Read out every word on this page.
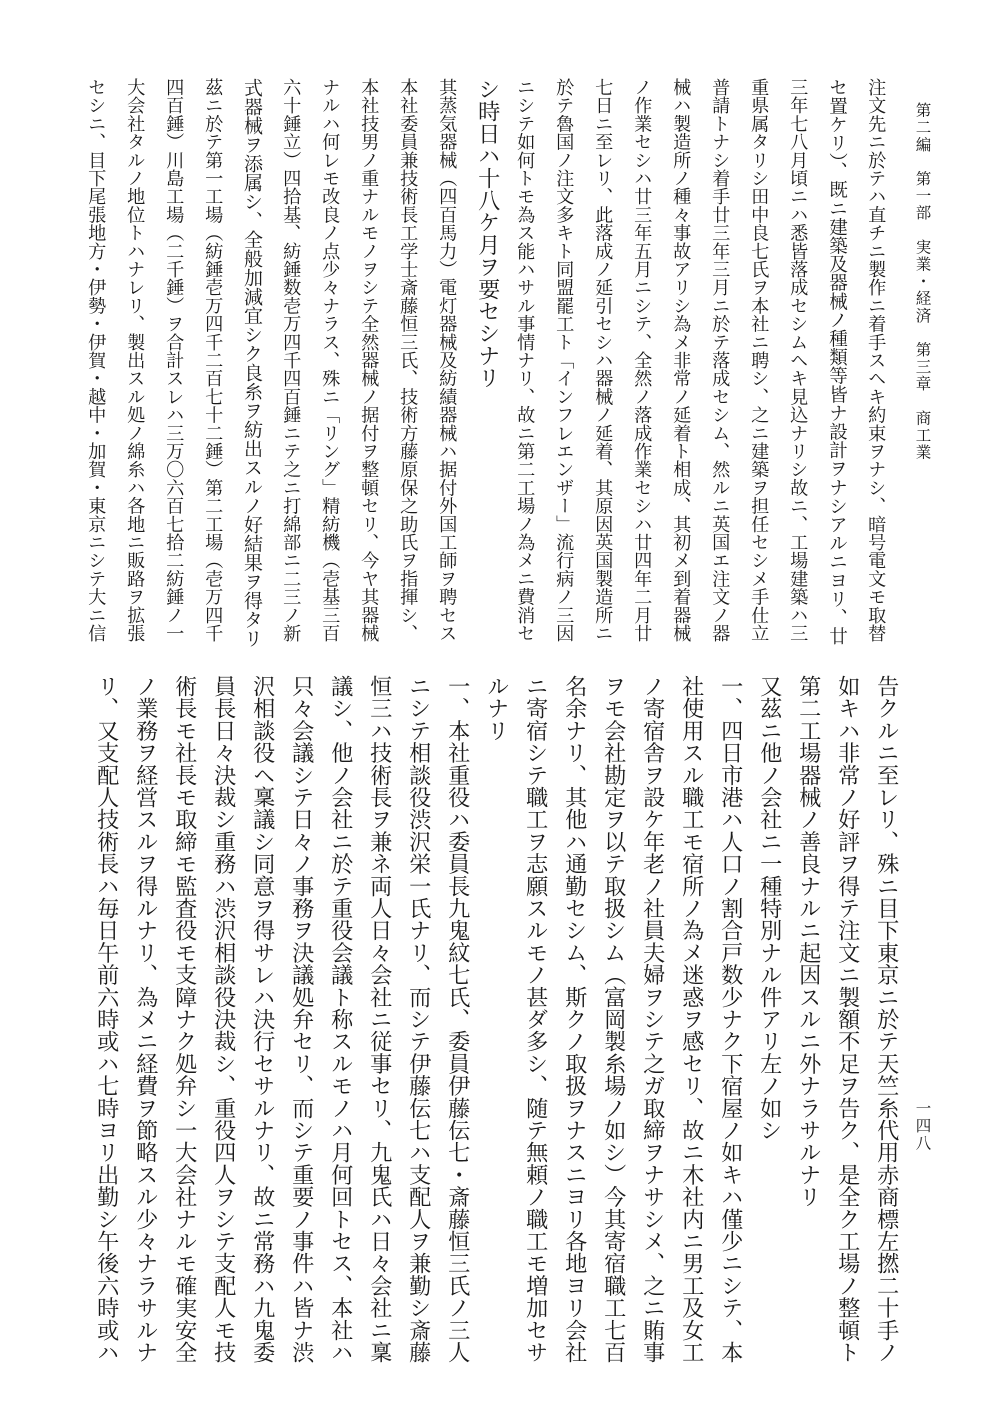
第二編　第一部　実業・経済　第三章　商工業
一四八
注文先ニ於テハ直チニ製作ニ着手スヘキ約束ヲナシ、暗号電文モ取替
セ置ケリ）、既ニ建築及器械ノ種類等皆ナ設計ヲナシアルニヨリ、廿
三年七八月頃ニハ悉皆落成セシムヘキ見込ナリシ故ニ、工場建築ハ三
重県属タリシ田中良七氏ヲ本社ニ聘シ、之ニ建築ヲ担任セシメ手仕立
普請トナシ着手廿三年三月ニ於テ落成セシム、然ルニ英国エ注文ノ器
械ハ製造所ノ種々事故アリシ為メ非常ノ延着ト相成、其初メ到着器械
ノ作業セシハ廿三年五月ニシテ、全然ノ落成作業セシハ廿四年二月廿
七日ニ至レリ、此落成ノ延引セシハ器械ノ延着、其原因英国製造所ニ
於テ魯国ノ注文多キト同盟罷工ト「インフレエンザー」流行病ノ三因
ニシテ如何トモ為ス能ハサル事情ナリ、故ニ第二工場ノ為メニ費消セ
シ時日ハ十八ケ月ヲ要セシナリ
其蒸気器械（四百馬力）電灯器械及紡績器械ハ据付外国工師ヲ聘セス
本社委員兼技術長工学士斎藤恒三氏、技術方藤原保之助氏ヲ指揮シ、
本社技男ノ重ナルモノヲシテ全然器械ノ据付ヲ整頓セリ、今ヤ其器械
ナルハ何レモ改良ノ点少々ナラス、殊ニ「リング」精紡機（壱基三百
六十錘立）四拾基、紡錘数壱万四千四百錘ニテ之ニ打綿部ニ二三ノ新
式器械ヲ添属シ、全般加減宜シク良糸ヲ紡出スルノ好結果ヲ得タリ
茲ニ於テ第一工場（紡錘壱万四千二百七十二錘）第二工場（壱万四千
四百錘）川島工場（二千錘）ヲ合計スレハ三万〇六百七拾二紡錘ノ一
大会社タルノ地位トハナレリ、製出スル処ノ綿糸ハ各地ニ販路ヲ拡張
セシニ、目下尾張地方・伊勢・伊賀・越中・加賀・東京ニシテ大ニ信
告クルニ至レリ、殊ニ目下東京ニ於テ天竺糸代用赤商標左撚二十手ノ
如キハ非常ノ好評ヲ得テ注文ニ製額不足ヲ告ク、是全ク工場ノ整頓ト
第二工場器械ノ善良ナルニ起因スルニ外ナラサルナリ
又茲ニ他ノ会社ニ一種特別ナル件アリ左ノ如シ
一、四日市港ハ人口ノ割合戸数少ナク下宿屋ノ如キハ僅少ニシテ、本
社使用スル職工モ宿所ノ為メ迷惑ヲ感セリ、故ニ木社内ニ男工及女工
ノ寄宿舎ヲ設ケ年老ノ社員夫婦ヲシテ之ガ取締ヲナサシメ、之ニ賄事
ヲモ会社勘定ヲ以テ取扱シム（富岡製糸場ノ如シ）今其寄宿職工七百
名余ナリ、其他ハ通勤セシム、斯クノ取扱ヲナスニヨリ各地ヨリ会社
ニ寄宿シテ職工ヲ志願スルモノ甚ダ多シ、随テ無頼ノ職工モ増加セサ
ルナリ
一、本社重役ハ委員長九鬼紋七氏、委員伊藤伝七・斎藤恒三氏ノ三人
ニシテ相談役渋沢栄一氏ナリ、而シテ伊藤伝七ハ支配人ヲ兼勤シ斎藤
恒三ハ技術長ヲ兼ネ両人日々会社ニ従事セリ、九鬼氏ハ日々会社ニ稟
議シ、他ノ会社ニ於テ重役会議ト称スルモノハ月何回トセス、本社ハ
只々会議シテ日々ノ事務ヲ決議処弁セリ、而シテ重要ノ事件ハ皆ナ渋
沢相談役ヘ稟議シ同意ヲ得サレハ決行セサルナリ、故ニ常務ハ九鬼委
員長日々決裁シ重務ハ渋沢相談役決裁シ、重役四人ヲシテ支配人モ技
術長モ社長モ取締モ監査役モ支障ナク処弁シ一大会社ナルモ確実安全
ノ業務ヲ経営スルヲ得ルナリ、為メニ経費ヲ節略スル少々ナラサルナ
リ、又支配人技術長ハ毎日午前六時或ハ七時ヨリ出勤シ午後六時或ハ
